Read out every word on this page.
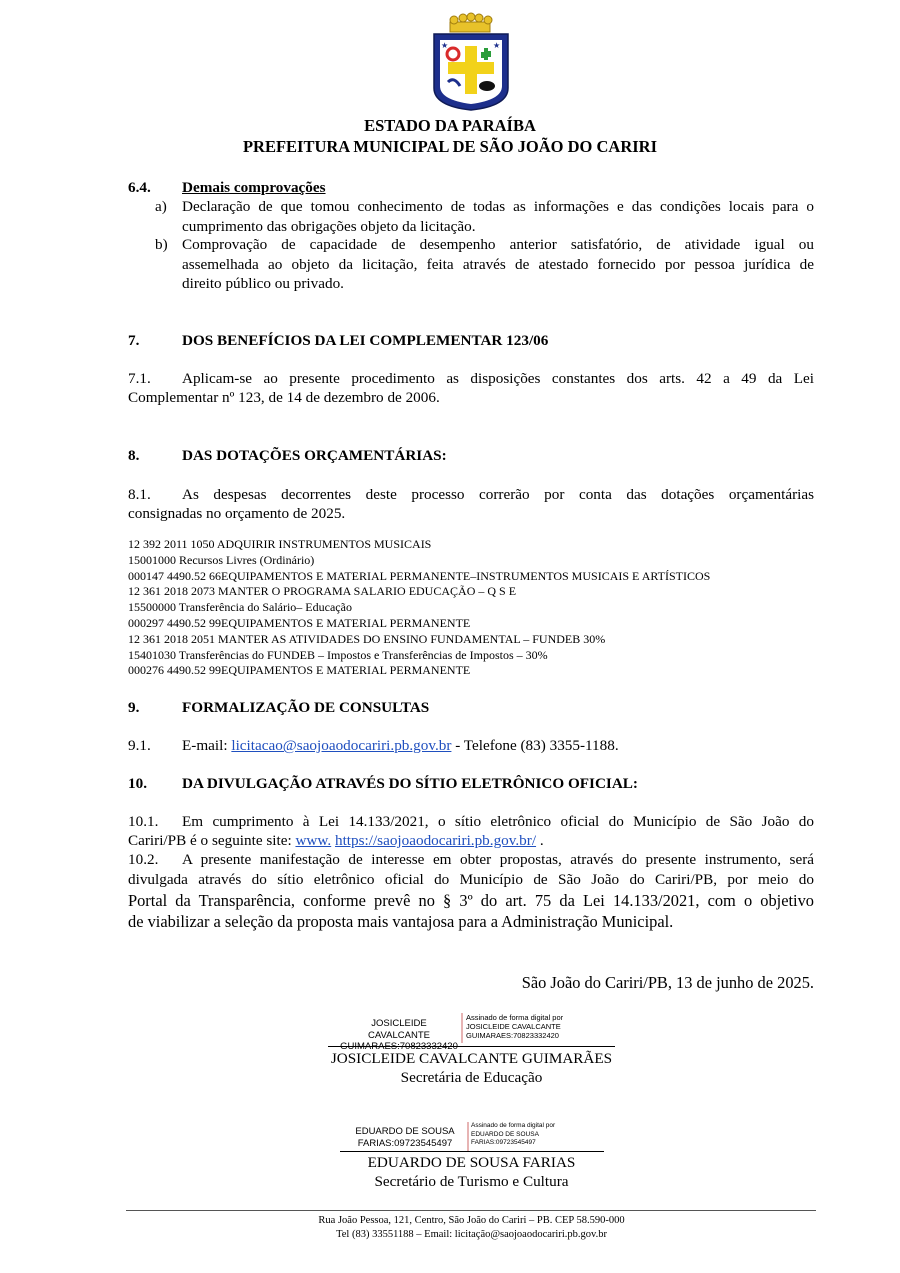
★	★
ESTADO DA PARAÍBA
PREFEITURA MUNICIPAL DE SÃO JOÃO DO CARIRI
6.4. Demais comprovações
a) Declaração de que tomou conhecimento de todas as informações e das condições locais para o
cumprimento das obrigações objeto da licitação.
b) Comprovação de capacidade de desempenho anterior satisfatório, de atividade igual ou
assemelhada ao objeto da licitação, feita através de atestado fornecido por pessoa jurídica de
direito público ou privado.
7.	DOS BENEFÍCIOS DA LEI COMPLEMENTAR 123/06
7.1. Aplicam-se ao presente procedimento as disposições constantes dos arts. 42 a 49 da Lei
Complementar nº 123, de 14 de dezembro de 2006.
8.	DAS DOTAÇÕES ORÇAMENTÁRIAS:
8.1. As despesas decorrentes deste processo correrão por conta das dotações orçamentárias
consignadas no orçamento de 2025.
12 392 2011 1050 ADQUIRIR INSTRUMENTOS MUSICAIS
15001000 Recursos Livres (Ordinário)
000147 4490.52 66EQUIPAMENTOS E MATERIAL PERMANENTE–INSTRUMENTOS MUSICAIS E ARTÍSTICOS
12 361 2018 2073 MANTER O PROGRAMA SALARIO EDUCAÇÃO – Q S E
15500000 Transferência do Salário– Educação
000297 4490.52 99EQUIPAMENTOS E MATERIAL PERMANENTE
12 361 2018 2051 MANTER AS ATIVIDADES DO ENSINO FUNDAMENTAL – FUNDEB 30%
15401030 Transferências do FUNDEB – Impostos e Transferências de Impostos – 30%
000276 4490.52 99EQUIPAMENTOS E MATERIAL PERMANENTE
9.	FORMALIZAÇÃO DE CONSULTAS
9.1. E-mail: licitacao@saojoaodocariri.pb.gov.br - Telefone (83) 3355-1188.
10. DA DIVULGAÇÃO ATRAVÉS DO SÍTIO ELETRÔNICO OFICIAL:
10.1. Em cumprimento à Lei 14.133/2021, o sítio eletrônico oficial do Município de São João do
Cariri/PB é o seguinte site: www. https://saojoaodocariri.pb.gov.br/ .
10.2. A presente manifestação de interesse em obter propostas, através do presente instrumento, será
divulgada através do sítio eletrônico oficial do Município de São João do Cariri/PB, por meio do
Portal da Transparência, conforme prevê no § 3º do art. 75 da Lei 14.133/2021, com o objetivo
de viabilizar a seleção da proposta mais vantajosa para a Administração Municipal.
São João do Cariri/PB, 13 de junho de 2025.
JOSICLEIDE CAVALCANTE
GUIMARAES:70823332420
Assinado de forma digital por
JOSICLEIDE CAVALCANTE
GUIMARAES:70823332420
JOSICLEIDE CAVALCANTE GUIMARÃES
Secretária de Educação
EDUARDO DE SOUSA
FARIAS:09723545497
Assinado de forma digital por
EDUARDO DE SOUSA
FARIAS:09723545497
EDUARDO DE SOUSA FARIAS
Secretário de Turismo e Cultura
Rua João Pessoa, 121, Centro, São João do Cariri – PB. CEP 58.590-000
Tel (83) 33551188 – Email: licitação@saojoaodocariri.pb.gov.br
